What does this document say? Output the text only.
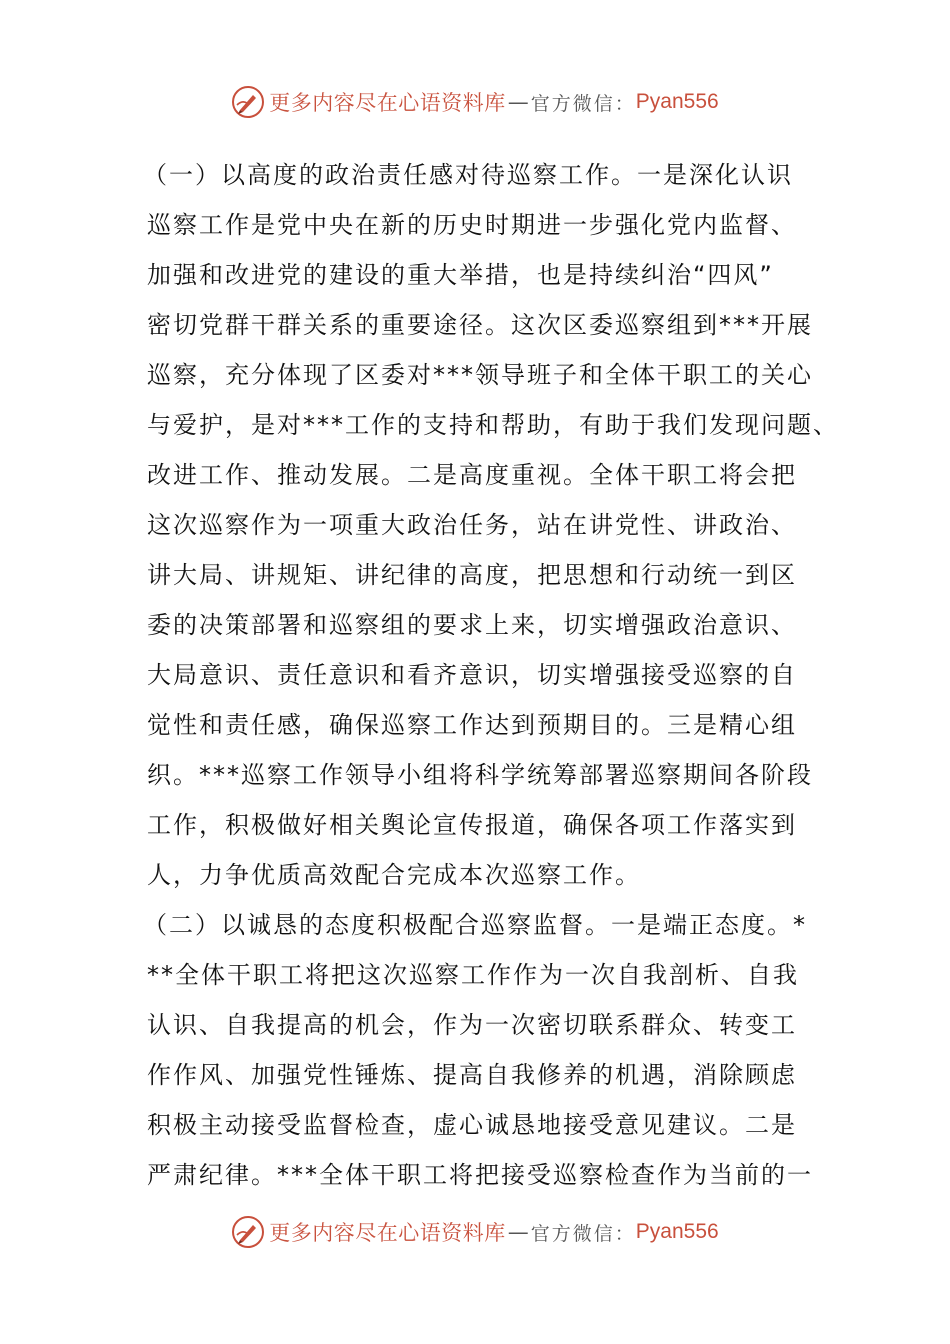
更多内容尽在心语资料库 — 官方微信： Pyan556
（一）以高度的政治责任感对待巡察工作。一是深化认识
巡察工作是党中央在新的历史时期进一步强化党内监督、
加强和改进党的建设的重大举措，也是持续纠治“四风”
密切党群干群关系的重要途径。这次区委巡察组到***开展
巡察，充分体现了区委对***领导班子和全体干职工的关心
与爱护，是对***工作的支持和帮助，有助于我们发现问题、
改进工作、推动发展。二是高度重视。全体干职工将会把
这次巡察作为一项重大政治任务，站在讲党性、讲政治、
讲大局、讲规矩、讲纪律的高度，把思想和行动统一到区
委的决策部署和巡察组的要求上来，切实增强政治意识、
大局意识、责任意识和看齐意识，切实增强接受巡察的自
觉性和责任感，确保巡察工作达到预期目的。三是精心组
织。***巡察工作领导小组将科学统筹部署巡察期间各阶段
工作，积极做好相关舆论宣传报道，确保各项工作落实到
人，力争优质高效配合完成本次巡察工作。
（二）以诚恳的态度积极配合巡察监督。一是端正态度。*
**全体干职工将把这次巡察工作作为一次自我剖析、自我
认识、自我提高的机会，作为一次密切联系群众、转变工
作作风、加强党性锤炼、提高自我修养的机遇，消除顾虑
积极主动接受监督检查，虚心诚恳地接受意见建议。二是
严肃纪律。***全体干职工将把接受巡察检查作为当前的一
更多内容尽在心语资料库 — 官方微信： Pyan556
